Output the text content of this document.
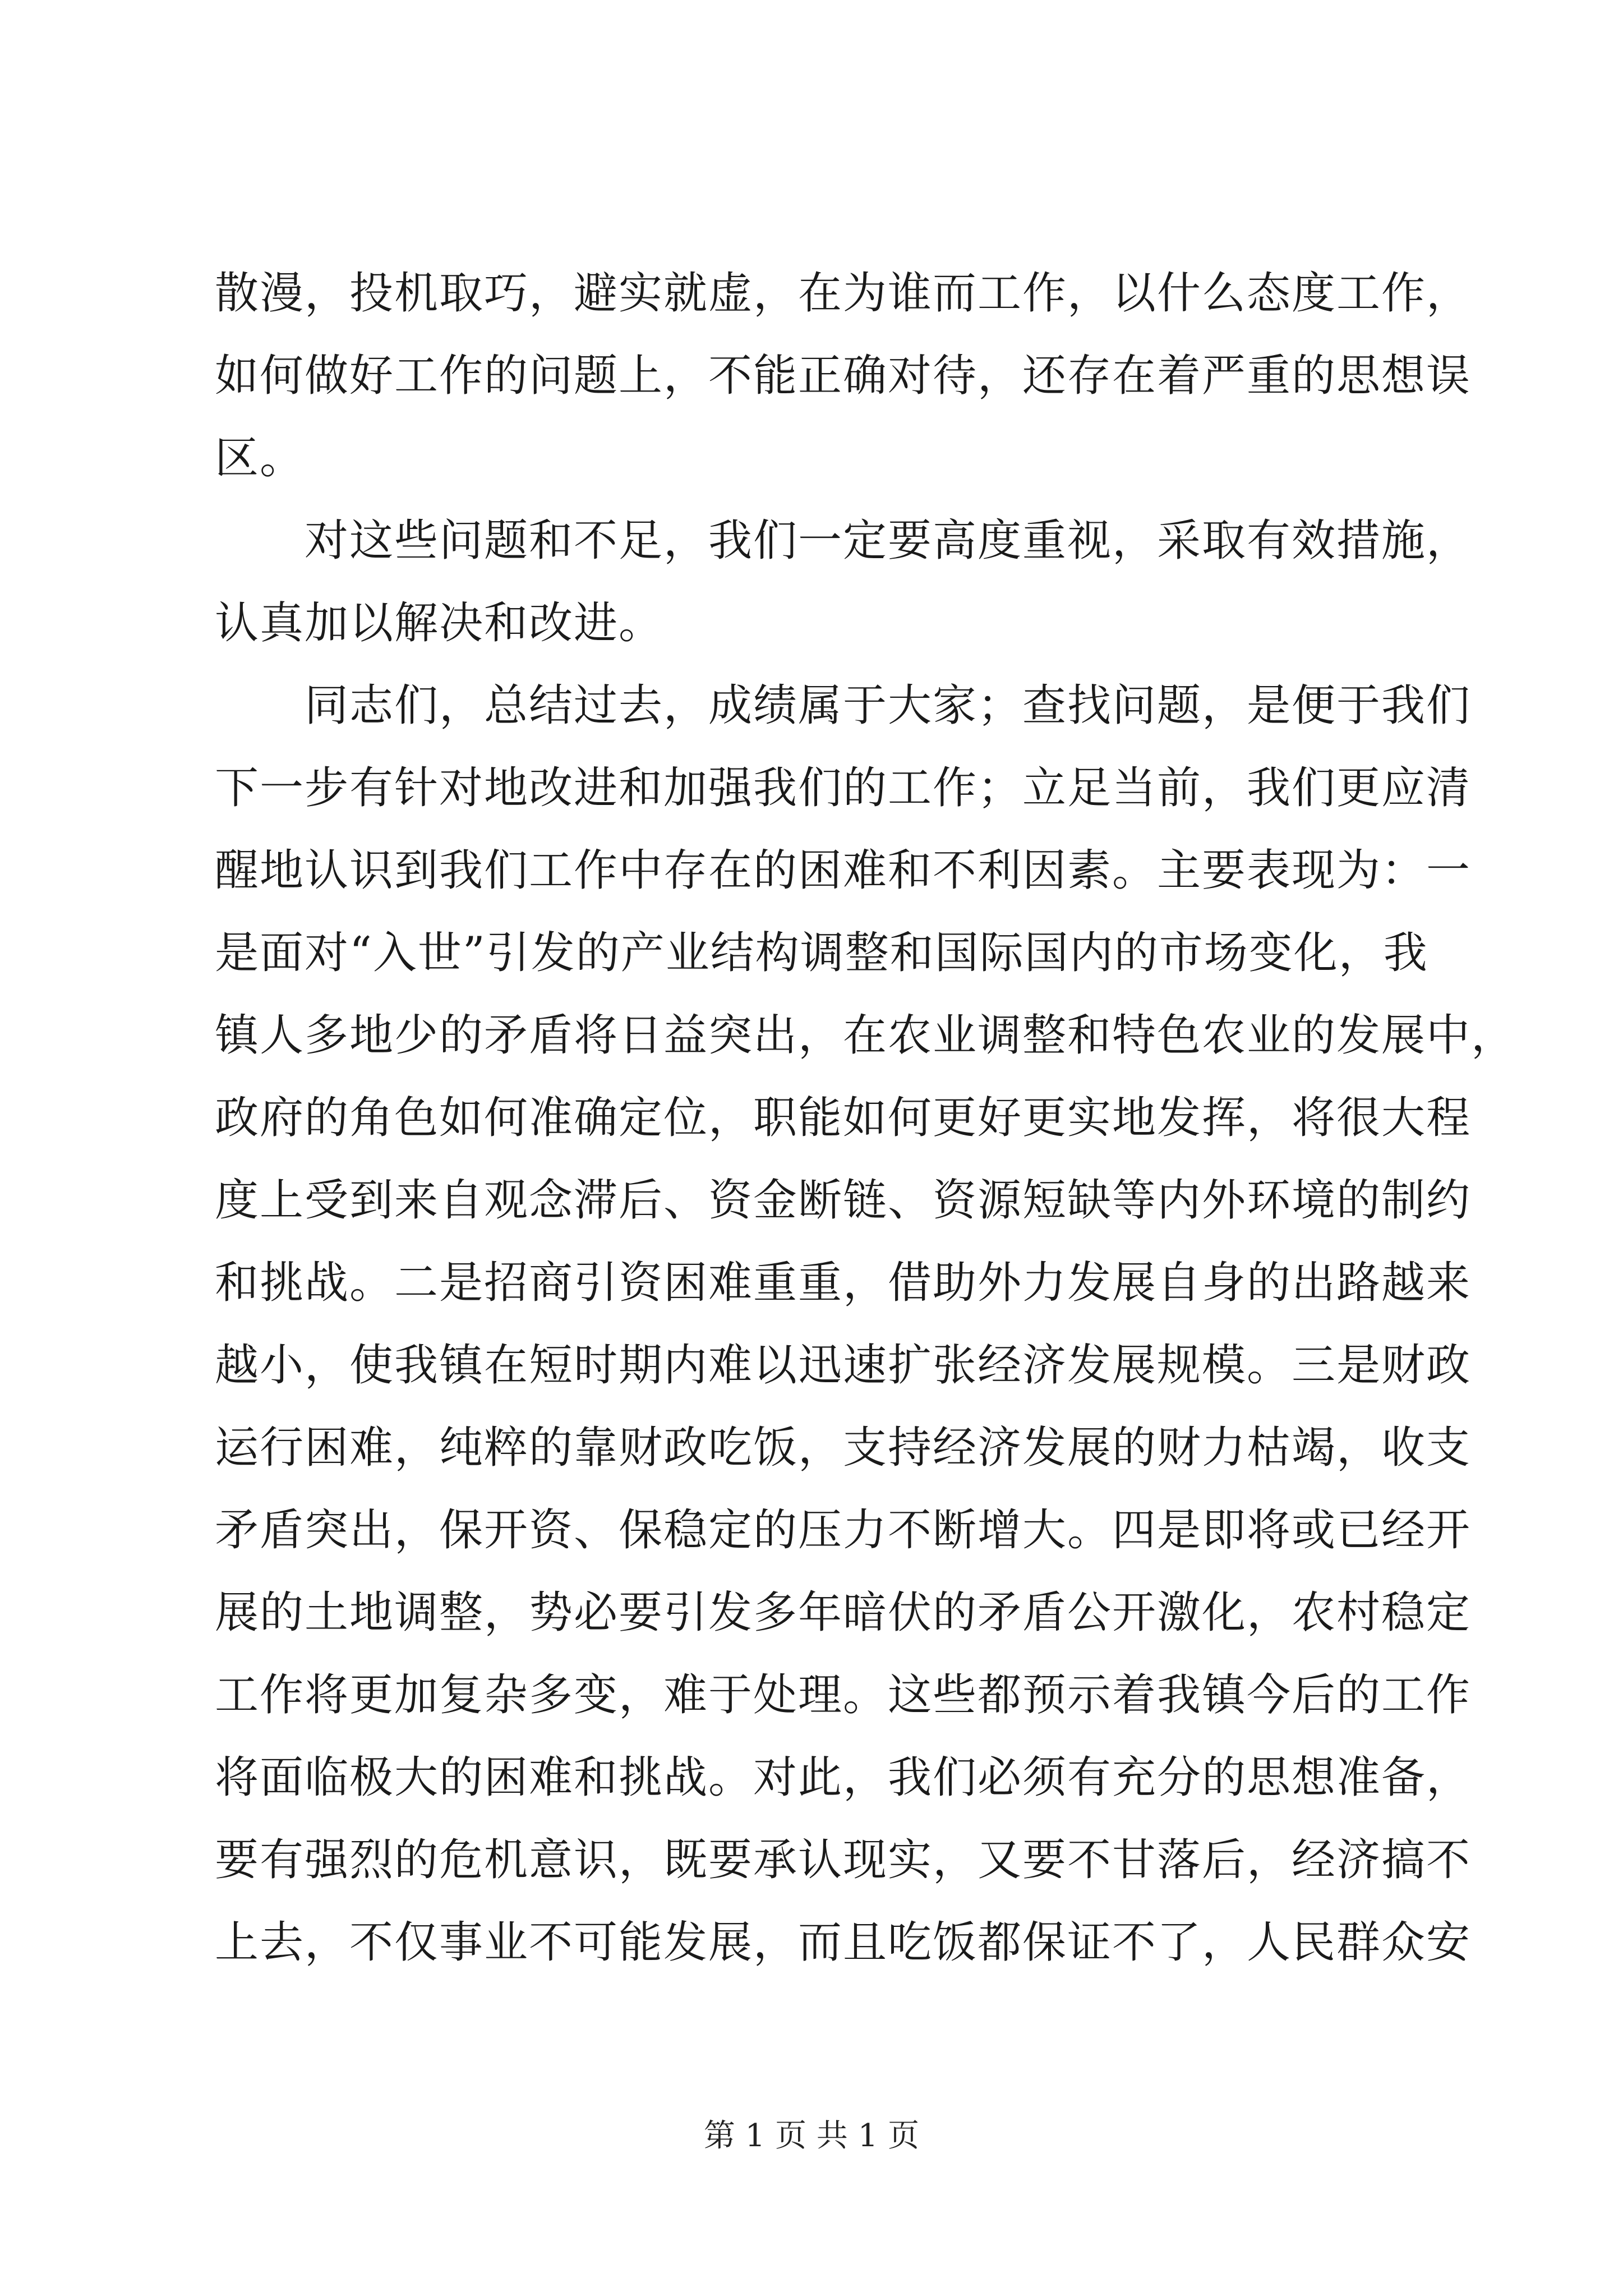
散漫，投机取巧，避实就虚，在为谁而工作，以什么态度工作，
如何做好工作的问题上，不能正确对待，还存在着严重的思想误
区。
对这些问题和不足，我们一定要高度重视，采取有效措施，
认真加以解决和改进。
同志们，总结过去，成绩属于大家；查找问题，是便于我们
下一步有针对地改进和加强我们的工作；立足当前，我们更应清
醒地认识到我们工作中存在的困难和不利因素。主要表现为：一
是面对“入世”引发的产业结构调整和国际国内的市场变化，我
镇人多地少的矛盾将日益突出，在农业调整和特色农业的发展中，
政府的角色如何准确定位，职能如何更好更实地发挥，将很大程
度上受到来自观念滞后、资金断链、资源短缺等内外环境的制约
和挑战。二是招商引资困难重重，借助外力发展自身的出路越来
越小，使我镇在短时期内难以迅速扩张经济发展规模。三是财政
运行困难，纯粹的靠财政吃饭，支持经济发展的财力枯竭，收支
矛盾突出，保开资、保稳定的压力不断增大。四是即将或已经开
展的土地调整，势必要引发多年暗伏的矛盾公开激化，农村稳定
工作将更加复杂多变，难于处理。这些都预示着我镇今后的工作
将面临极大的困难和挑战。对此，我们必须有充分的思想准备，
要有强烈的危机意识，既要承认现实，又要不甘落后，经济搞不
上去，不仅事业不可能发展，而且吃饭都保证不了，人民群众安
第 1 页 共 1 页
